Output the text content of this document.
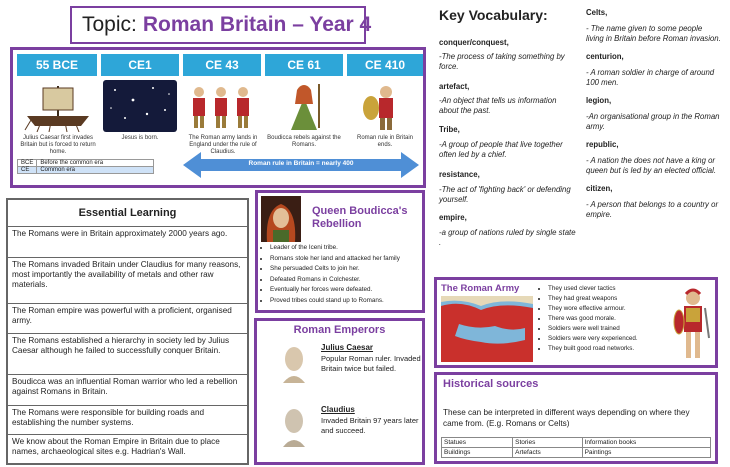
Topic: Roman Britain – Year 4
55 BCE	CE1	CE 43	CE 61	CE 410
Julius Caesar first invades Britain but is forced to return home.
Jesus is born.	The Roman army lands in England under the rule of Claudius.
Boudicca rebels against the Romans.
Roman rule in Britain ends.
BCE	Before the common era
CE	Common era
Roman rule in Britain = nearly 400
Essential Learning
The Romans were in Britain approximately 2000 years ago.
The Romans invaded Britain under Claudius for many reasons, most importantly the availability of metals and other raw materials.
The Roman empire was powerful with a proficient, organised army.
The Romans established a hierarchy in society led by Julius Caesar although he failed to successfully conquer Britain.
Boudicca was an influential Roman warrior who led a rebellion against Romans in Britain.
The Romans were responsible for building roads and establishing the number systems.
We know about the Roman Empire in Britain due to place names, archaeological sites e.g. Hadrian's Wall.
Queen Boudicca's Rebellion
• Leader of the Iceni tribe.
• Romans stole her land and attacked her family
• She persuaded Celts to join her.
• Defeated Romans in Colchester.
• Eventually her forces were defeated.
• Proved tribes could stand up to Romans.
Roman Emperors
Julius Caesar
Popular Roman ruler. Invaded Britain twice but failed.
Claudius
Invaded Britain 97 years later and succeed.
Key Vocabulary:
conquer/conquest,
-The process of taking something by force.
artefact,
-An object that tells us information about the past.
Tribe,
-A group of people that live together often led by a chief.
resistance,
-The act of 'fighting back' or defending yourself.
empire,
-a group of nations ruled by single state .
Celts,
- The name given to some people living in Britain before Roman invasion.
centurion,
- A roman soldier in charge of around 100 men.
legion,
-An organisational group in the Roman army.
republic,
- A nation the does not have a king or queen but is led by an elected official.
citizen,
- A person that belongs to a country or empire.
The Roman Army	• They used clever tactics
• They had great weapons
• They wore effective armour.
• There was good morale.
• Soldiers were well trained
• Soldiers were very experienced.
• They built good road networks.
Historical sources
These can be interpreted in different ways depending on where they came from. (E.g. Romans or Celts)
Statues	Stories	Information books
Buildings	Artefacts	Paintings
